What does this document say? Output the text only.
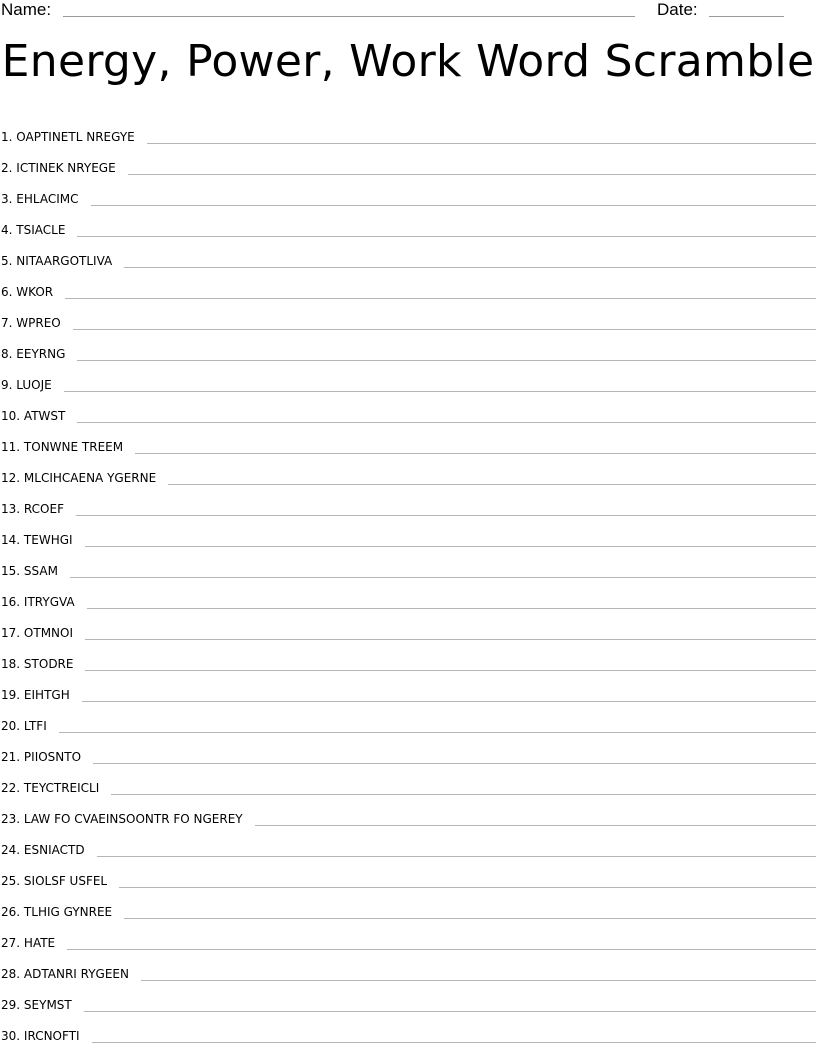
Name:	Date:
Energy, Power, Work Word Scramble
1 . OAPTINETL NREGYE
2 . ICTINEK NRYEGE
3 . EHLACIMC
4 . TSIACLE
5 . NITAARGOTLIVA
6 . WKOR
7 . WPREO
8 . EEYRNG
9 . LUOJE
10 . ATWST
11 . TONWNE TREEM
12 . MLCIHCAENA YGERNE
13 . RCOEF
14 . TEWHGI
15 . SSAM
16 . ITRYGVA
17 . OTMNOI
18 . STODRE
19 . EIHTGH
20 . LTFI
21 . PIIOSNTO
22 . TEYCTREICLI
23 . LAW FO CVAEINSOONTR FO NGEREY
24 . ESNIACTD
25 . SIOLSF USFEL
26 . TLHIG GYNREE
27 . HATE
28 . ADTANRI RYGEEN
29 . SEYMST
30 . IRCNOFTI
